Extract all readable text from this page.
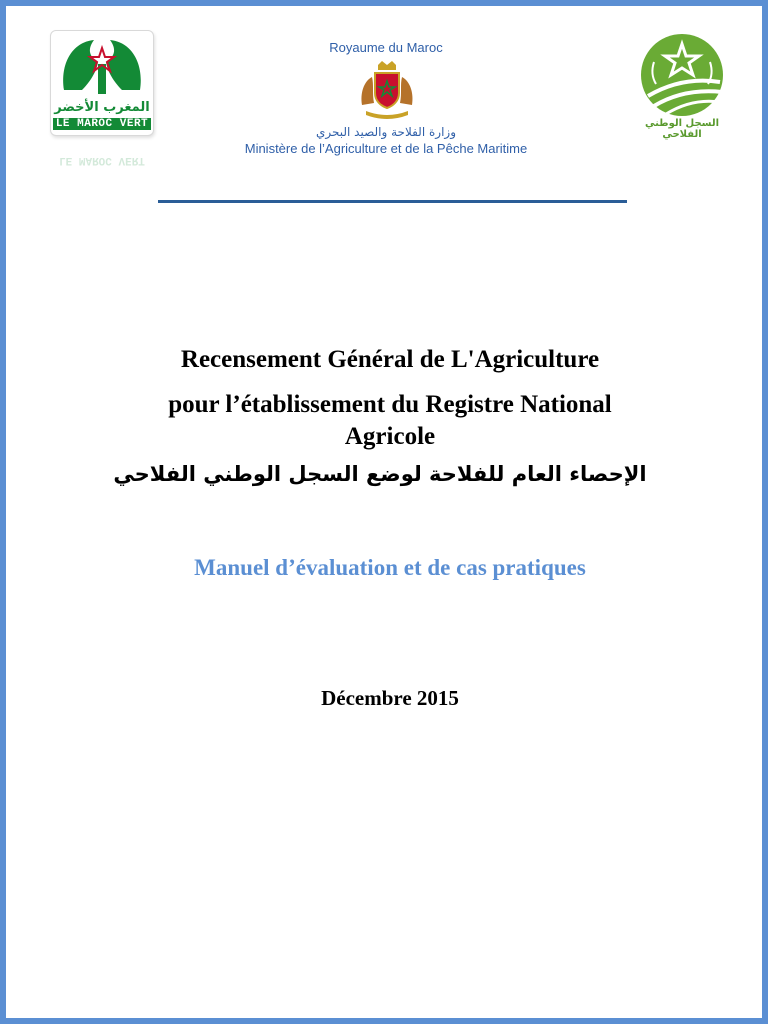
المغرب الأخضر
LE MAROC VERT
LE MAROC VERT
Royaume du Maroc
وزارة الفلاحة والصيد البحري
Ministère de l’Agriculture et de la Pêche Maritime
السجل الوطني الفلاحي
Recensement Général de L'Agriculture
pour l’établissement du Registre National
Agricole
الإحصاء العام للفلاحة لوضع السجل الوطني الفلاحي
Manuel d’évaluation et de cas pratiques
Décembre 2015
